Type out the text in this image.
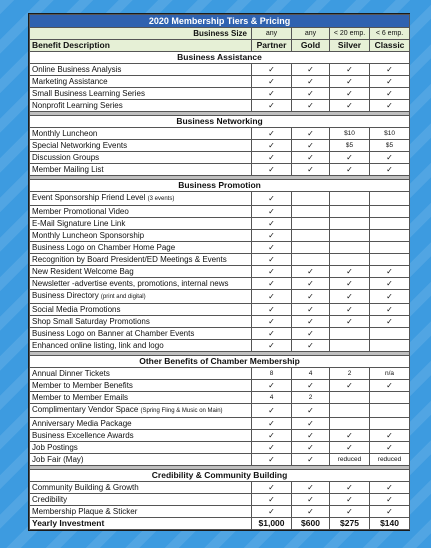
2020 Membership Tiers & Pricing				
Business Size	any	any	< 20 emp.	< 6 emp.
Benefit Description	Partner	Gold	Silver	Classic
Business Assistance				
Online Business Analysis	✓	✓	✓	✓
Marketing Assistance	✓	✓	✓	✓
Small Business Learning Series	✓	✓	✓	✓
Nonprofit Learning Series	✓	✓	✓	✓

Business Networking				
Monthly Luncheon	✓	✓	$10	$10
Special Networking Events	✓	✓	$5	$5
Discussion Groups	✓	✓	✓	✓
Member Mailing List	✓	✓	✓	✓

Business Promotion				
Event Sponsorship Friend Level (3 events)	✓			
Member Promotional Video	✓			
E-Mail Signature Line Link	✓			
Monthly Luncheon Sponsorship	✓			
Business Logo on Chamber Home Page	✓			
Recognition by Board President/ED Meetings & Events	✓			
New Resident Welcome Bag	✓	✓	✓	✓
Newsletter -advertise events, promotions, internal news	✓	✓	✓	✓
Business Directory (print and digital)	✓	✓	✓	✓
Social Media Promotions	✓	✓	✓	✓
Shop Small Saturday Promotions	✓	✓	✓	✓
Business Logo on Banner at Chamber Events	✓	✓		
Enhanced online listing, link and logo	✓	✓		

Other Benefits of Chamber Membership				
Annual Dinner Tickets	8	4	2	n/a
Member to Member Benefits	✓	✓	✓	✓
Member to Member Emails	4	2		
Complimentary Vendor Space (Spring Fling & Music on Main)	✓	✓		
Anniversary Media Package	✓	✓		
Business Excellence Awards	✓	✓	✓	✓
Job Postings	✓	✓	✓	✓
Job Fair (May)	✓	✓	reduced	reduced

Credibility & Community Building				
Community Building & Growth	✓	✓	✓	✓
Credibility	✓	✓	✓	✓
Membership Plaque & Sticker	✓	✓	✓	✓
Yearly Investment	$1,000	$600	$275	$140
